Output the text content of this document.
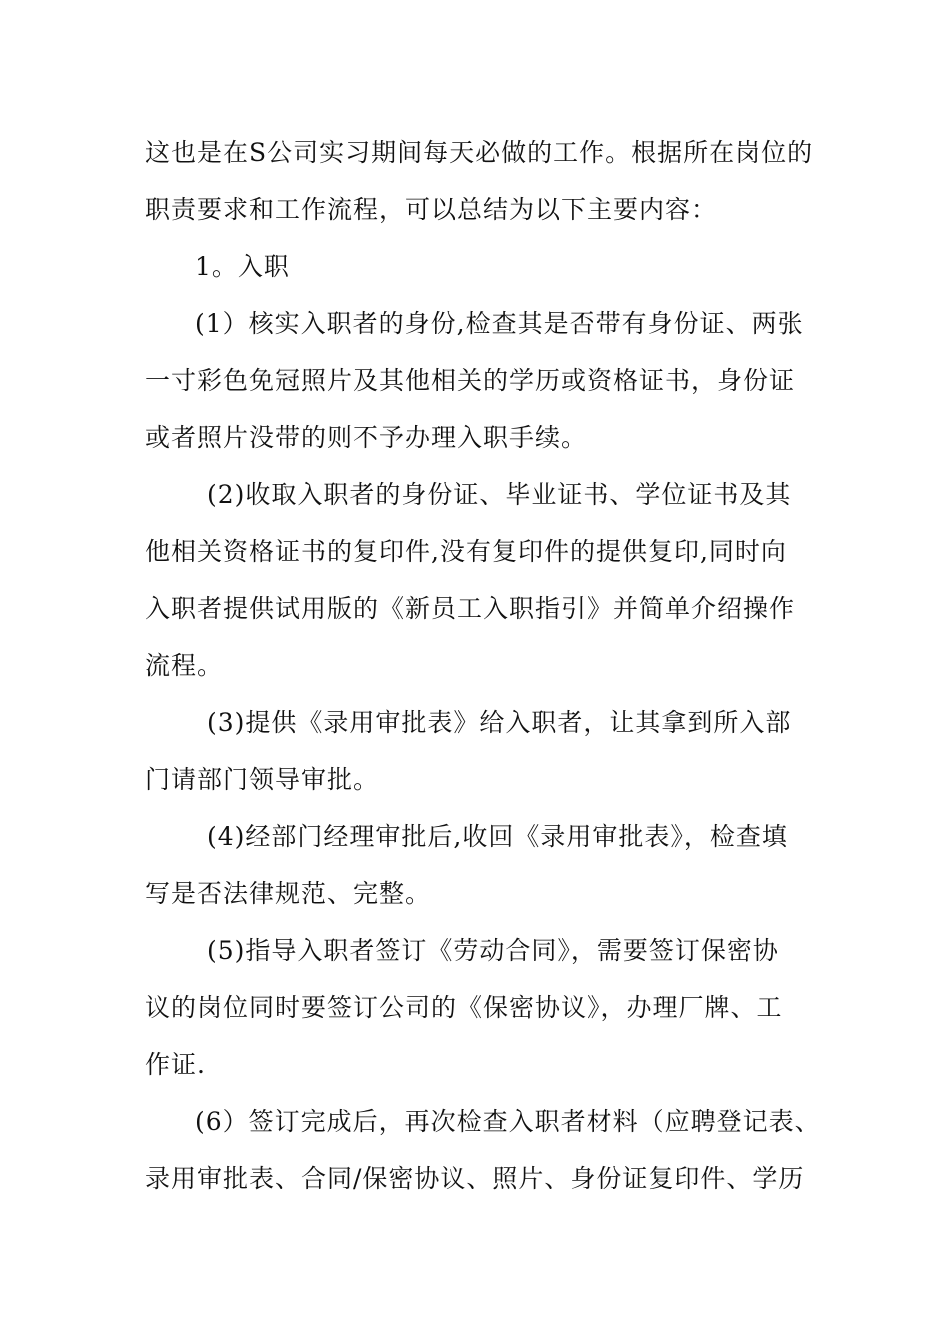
这也是在S公司实习期间每天必做的工作。根据所在岗位的
职责要求和工作流程，可以总结为以下主要内容：
1。入职
(1）核实入职者的身份,检查其是否带有身份证、两张
一寸彩色免冠照片及其他相关的学历或资格证书，身份证
或者照片没带的则不予办理入职手续。
(2)收取入职者的身份证、毕业证书、学位证书及其
他相关资格证书的复印件,没有复印件的提供复印,同时向
入职者提供试用版的《新员工入职指引》并简单介绍操作
流程。
(3)提供《录用审批表》给入职者，让其拿到所入部
门请部门领导审批。
(4)经部门经理审批后,收回《录用审批表》，检查填
写是否法律规范、完整。
(5)指导入职者签订《劳动合同》，需要签订保密协
议的岗位同时要签订公司的《保密协议》，办理厂牌、工
作证.
(6）签订完成后，再次检查入职者材料（应聘登记表、
录用审批表、合同/保密协议、照片、身份证复印件、学历
